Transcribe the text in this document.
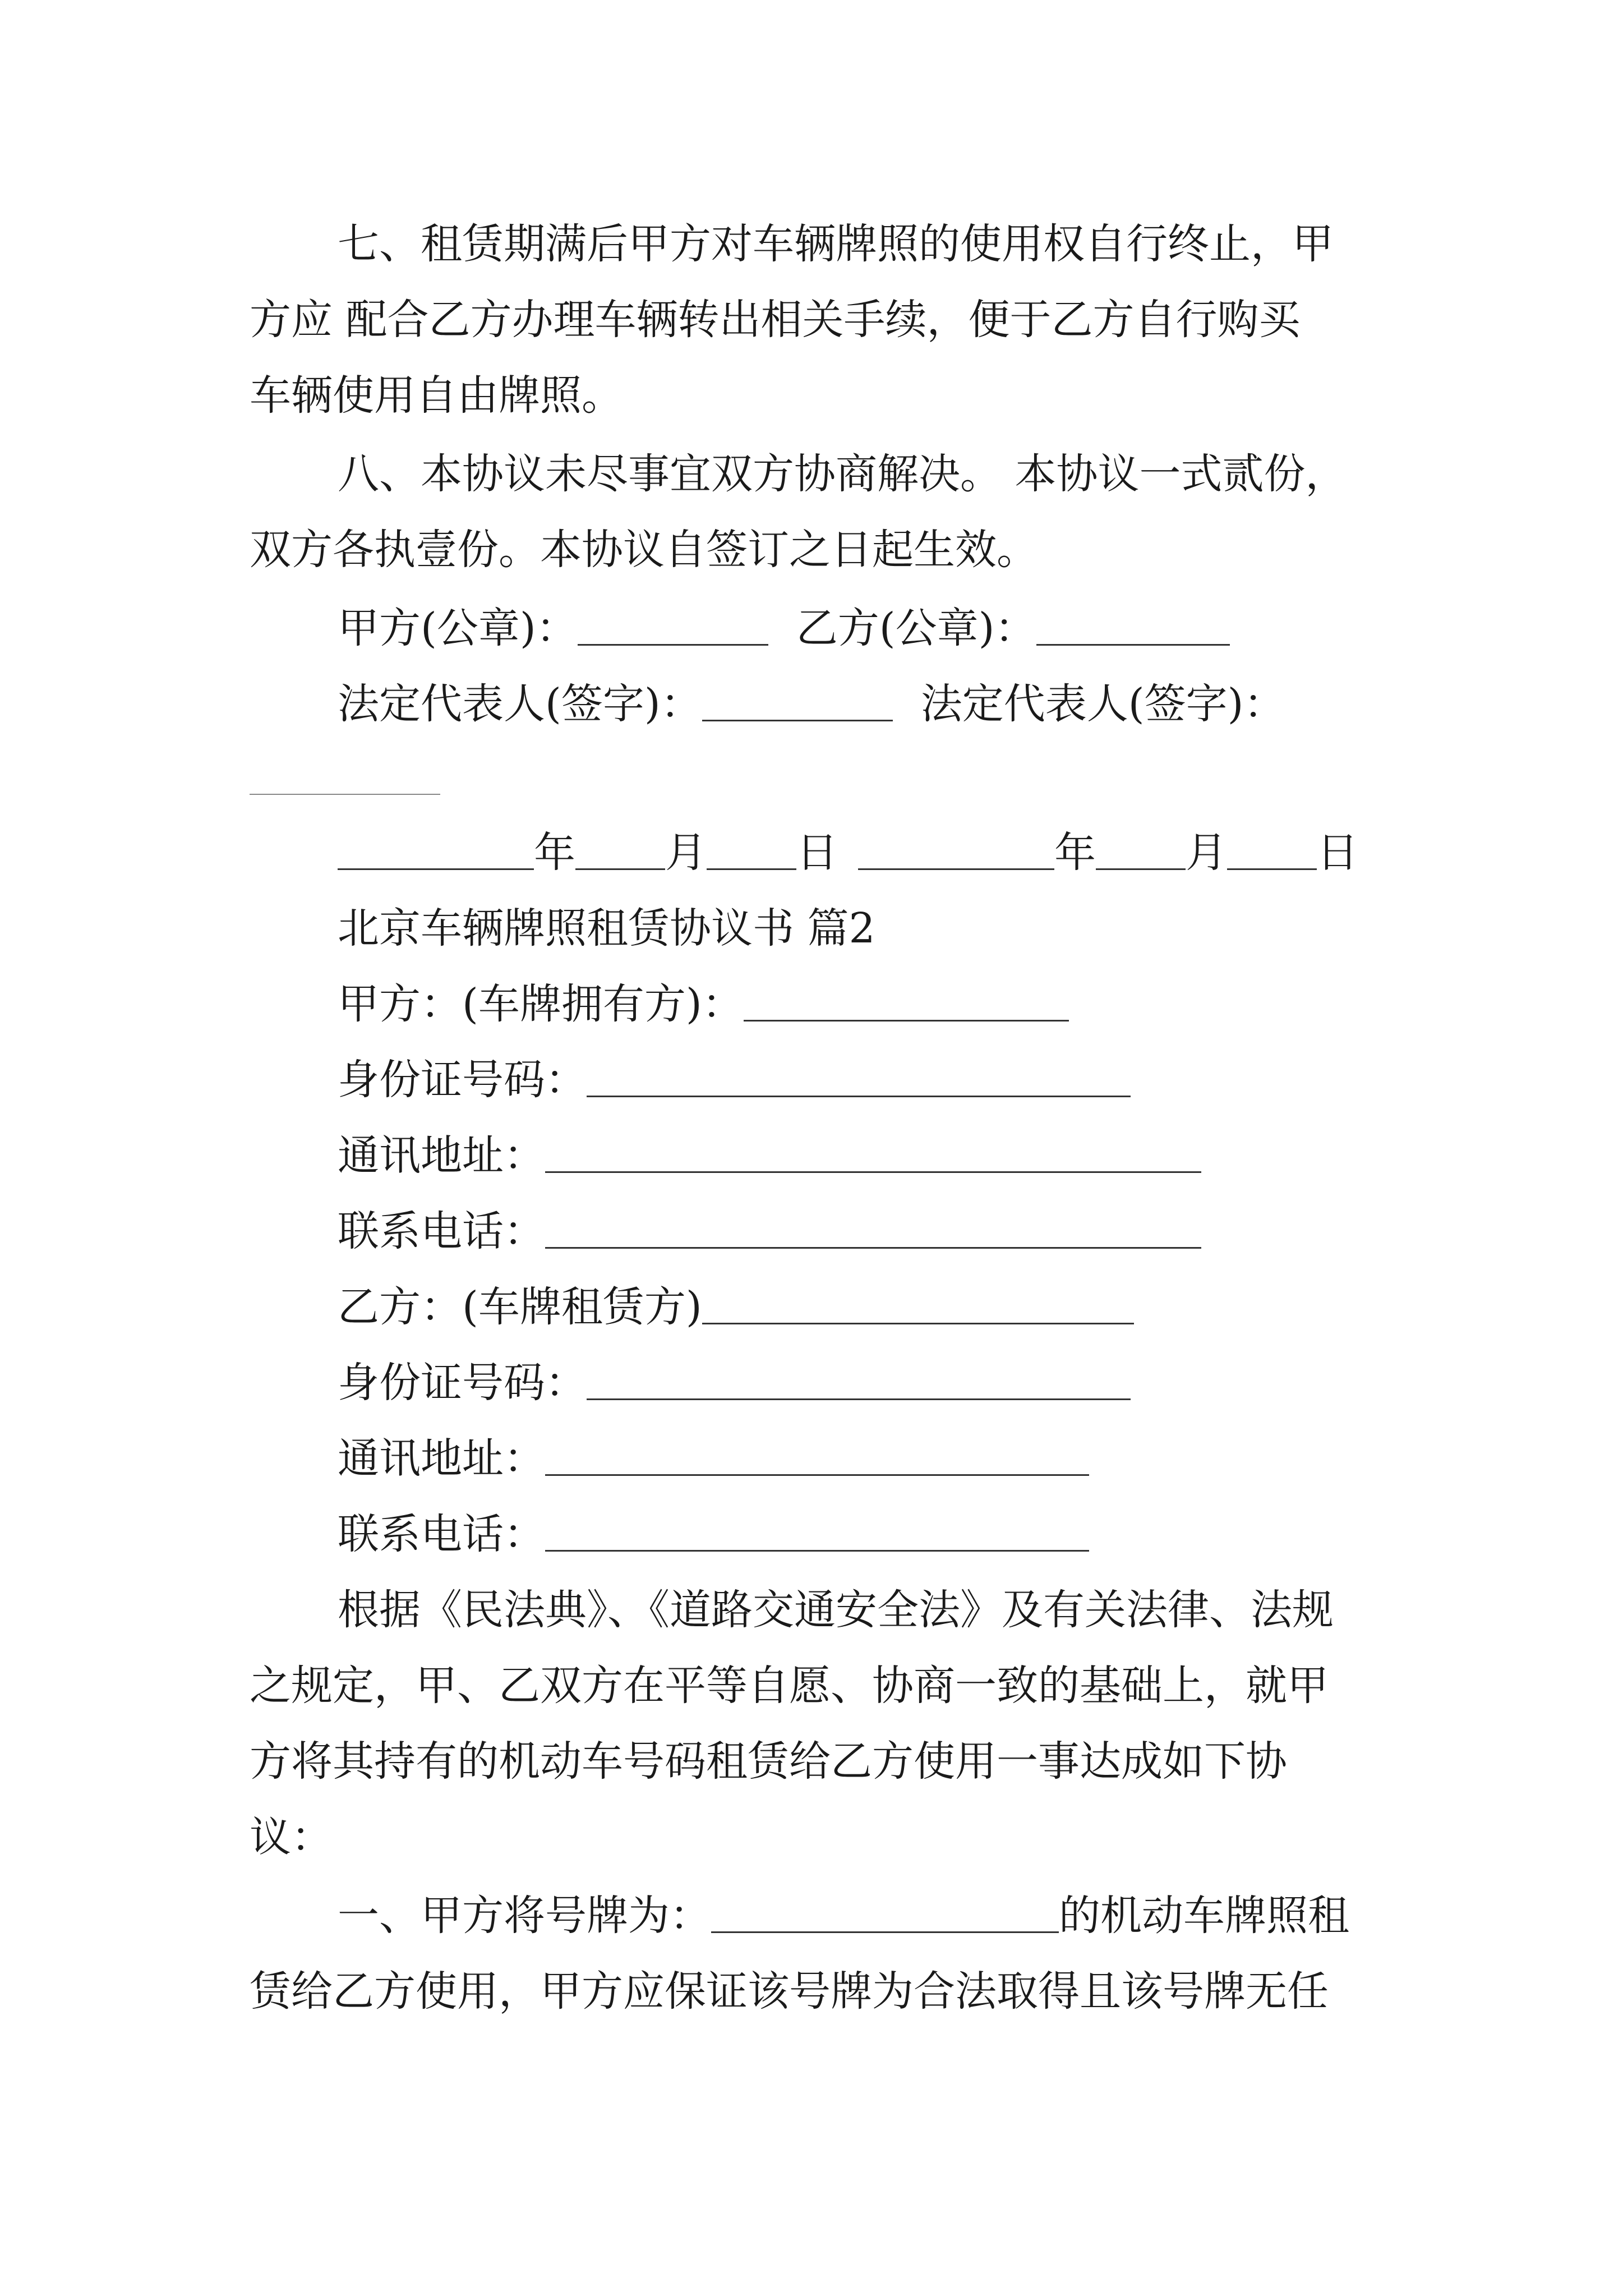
七、租赁期满后甲方对车辆牌照的使用权自行终止，甲
方应 配合乙方办理车辆转出相关手续，便于乙方自行购买
车辆使用自由牌照。
八、本协议未尽事宜双方协商解决。 本协议一式贰份，
双方各执壹份。本协议自签订之日起生效。
甲方(公章)：	乙方(公章)：
法定代表人(签字)：	法定代表人(签字)：
年 月 日	年 月 日
北京车辆牌照租赁协议书 篇2
甲方：(车牌拥有方)：
身份证号码：
通讯地址：
联系电话：
乙方：(车牌租赁方)
身份证号码：
通讯地址：
联系电话：
根据《民法典》、《道路交通安全法》及有关法律、法规
之规定，甲、乙双方在平等自愿、协商一致的基础上，就甲
方将其持有的机动车号码租赁给乙方使用一事达成如下协
议：
一、甲方将号牌为：	的机动车牌照租
赁给乙方使用，甲方应保证该号牌为合法取得且该号牌无任
